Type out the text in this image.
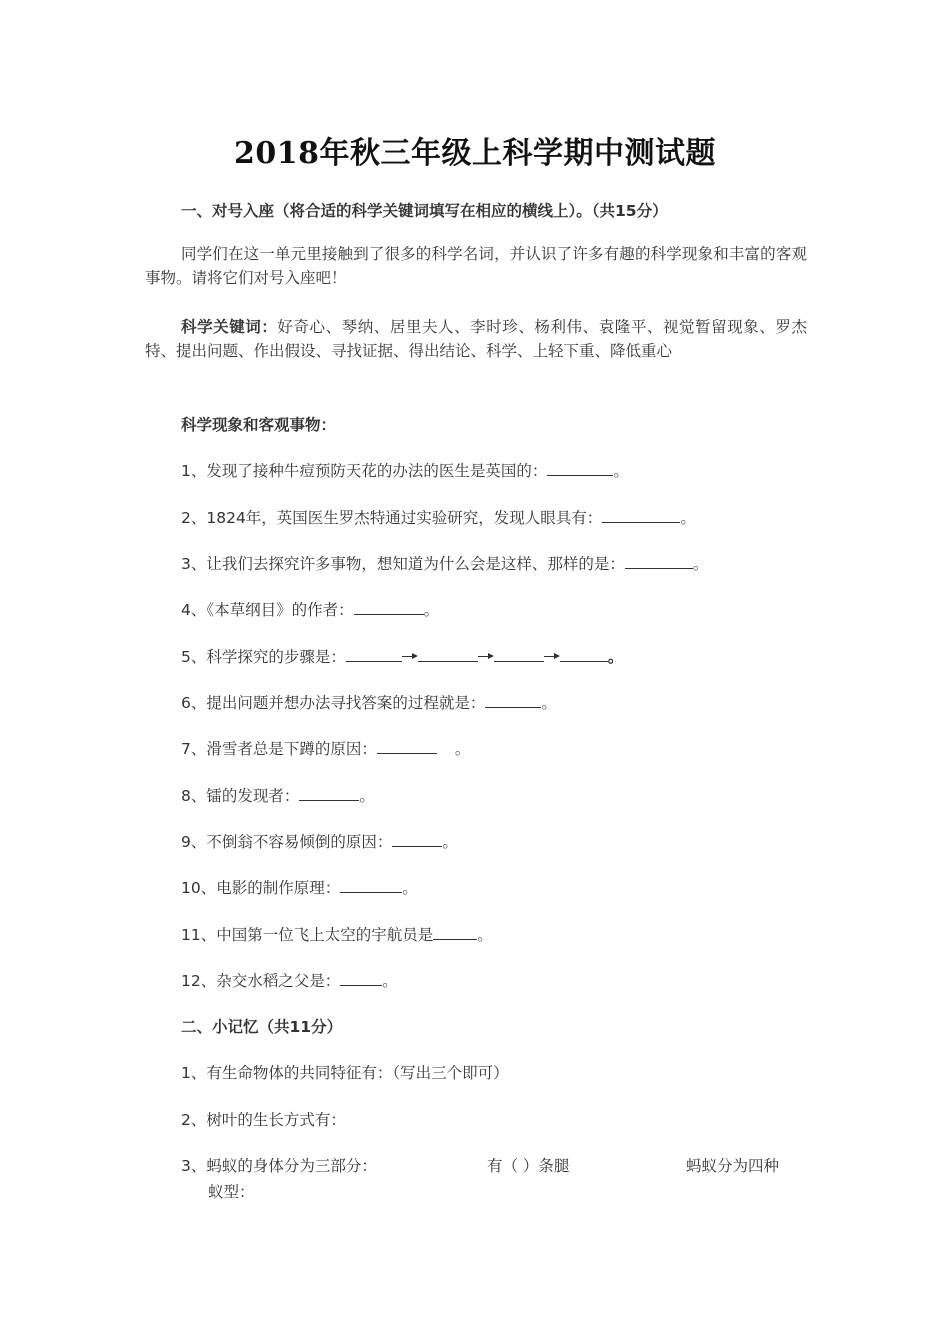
2018年秋三年级上科学期中测试题
一、对号入座（将合适的科学关键词填写在相应的横线上）。（共15分）
同学们在这一单元里接触到了很多的科学名词，并认识了许多有趣的科学现象和丰富的客观事物。请将它们对号入座吧！
科学关键词：好奇心、琴纳、居里夫人、李时珍、杨利伟、袁隆平、视觉暂留现象、罗杰特、提出问题、作出假设、寻找证据、得出结论、科学、上轻下重、降低重心
科学现象和客观事物：
1、发现了接种牛痘预防天花的办法的医生是英国的：	。
2、1824年，英国医生罗杰特通过实验研究，发现人眼具有：	。
3、让我们去探究许多事物，想知道为什么会是这样、那样的是：	。
4、《本草纲目》的作者：	。
5、科学探究的步骤是：	。
6、提出问题并想办法寻找答案的过程就是：	。
7、滑雪者总是下蹲的原因：	。
8、镭的发现者：	。
9、不倒翁不容易倾倒的原因：	。
10、电影的制作原理：	。
11、中国第一位飞上太空的宇航员是	。
12、杂交水稻之父是：	。
二、小记忆（共11分）
1、有生命物体的共同特征有：（写出三个即可）
2、树叶的生长方式有：
3、蚂蚁的身体分为三部分：	有（ ）条腿	蚂蚁分为四种
蚁型：
